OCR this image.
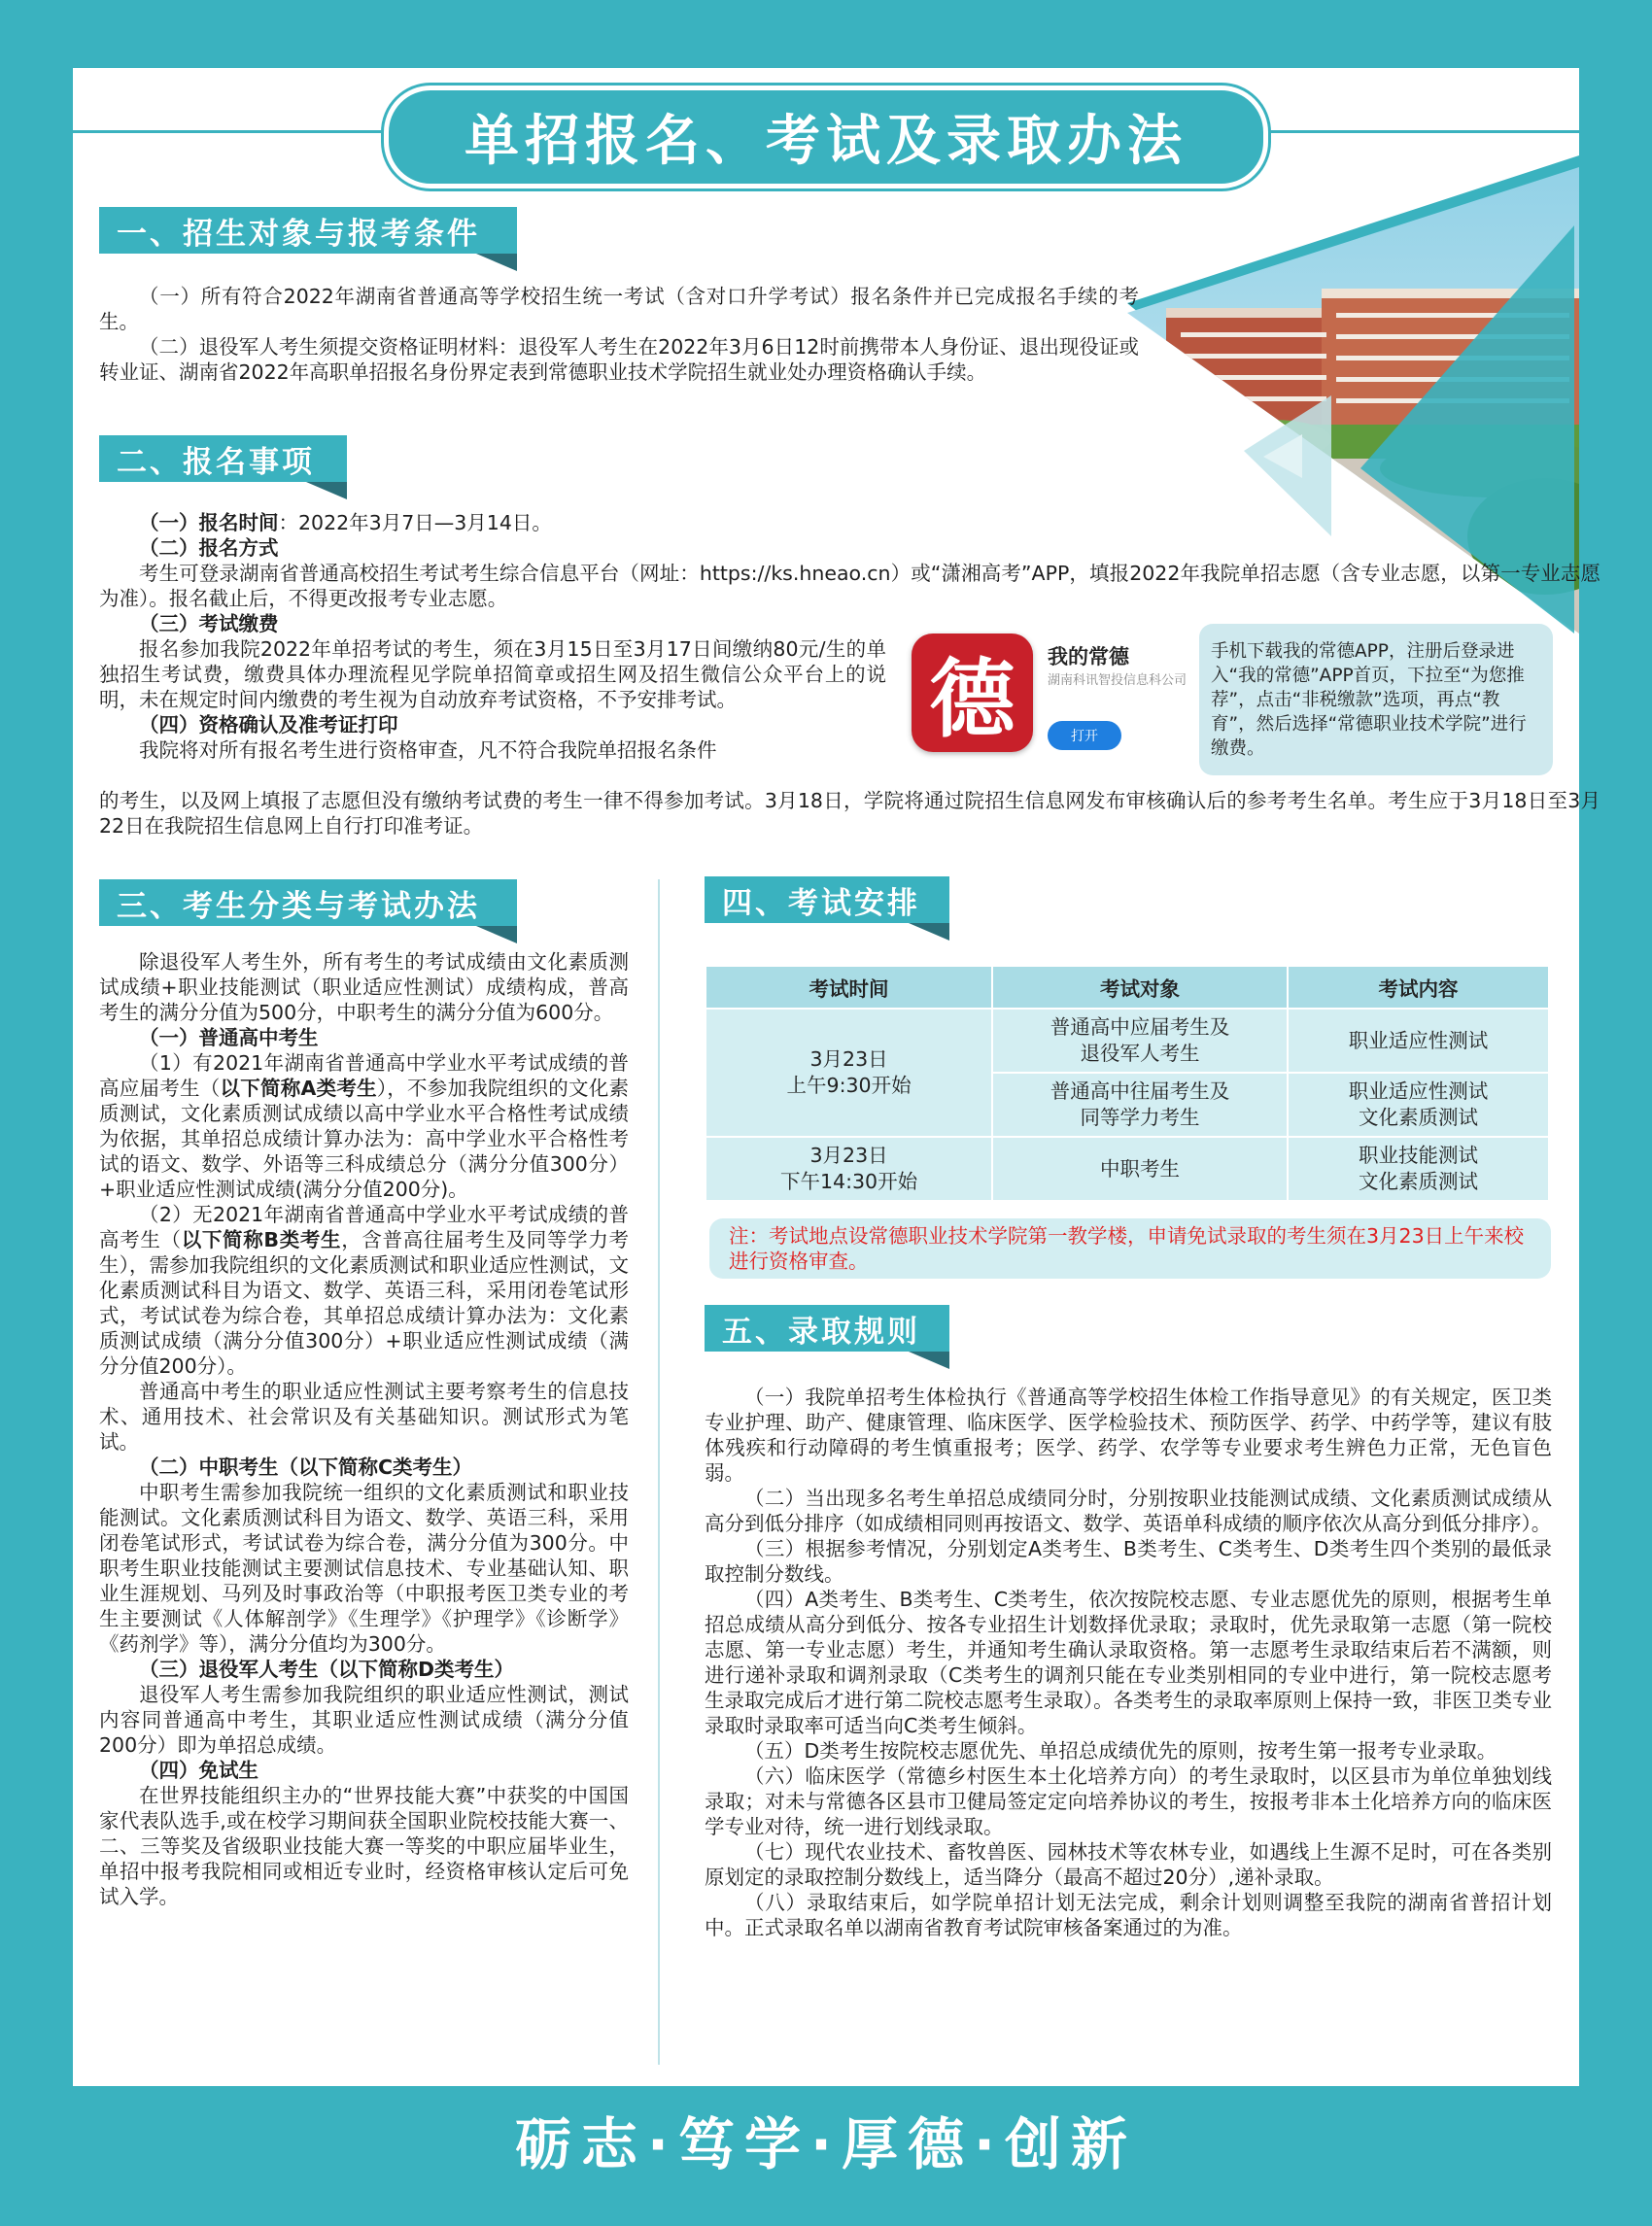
单招报名、考试及录取办法
一、招生对象与报考条件

（一）所有符合2022年湖南省普通高等学校招生统一考试（含对口升学考试）报名条件并已完成报名手续的考生。

（二）退役军人考生须提交资格证明材料：退役军人考生在2022年3月6日12时前携带本人身份证、退出现役证或转业证、湖南省2022年高职单招报名身份界定表到常德职业技术学院招生就业处办理资格确认手续。

二、报名事项

（一）报名时间：2022年3月7日—3月14日。

（二）报名方式

考生可登录湖南省普通高校招生考试考生综合信息平台（网址：https://ks.hneao.cn）或“潇湘高考”APP，填报2022年我院单招志愿（含专业志愿，以第一专业志愿为准）。报名截止后，不得更改报考专业志愿。

（三）考试缴费

报名参加我院2022年单招考试的考生，须在3月15日至3月17日间缴纳80元/生的单独招生考试费，缴费具体办理流程见学院单招简章或招生网及招生微信公众平台上的说明，未在规定时间内缴费的考生视为自动放弃考试资格，不予安排考试。

（四）资格确认及准考证打印

我院将对所有报名考生进行资格审查，凡不符合我院单招报名条件

的考生，以及网上填报了志愿但没有缴纳考试费的考生一律不得参加考试。3月18日，学院将通过院招生信息网发布审核确认后的参考考生名单。考生应于3月18日至3月22日在我院招生信息网上自行打印准考证。

德	我的常德
湖南科讯智投信息科公司
打开
手机下载我的常德APP，注册后登录进入“我的常德”APP首页，下拉至“为您推荐”，点击“非税缴款”选项，再点“教育”，然后选择“常德职业技术学院”进行缴费。
三、考生分类与考试办法

除退役军人考生外，所有考生的考试成绩由文化素质测试成绩+职业技能测试（职业适应性测试）成绩构成，普高考生的满分分值为500分，中职考生的满分分值为600分。

（一）普通高中考生

（1）有2021年湖南省普通高中学业水平考试成绩的普高应届考生（以下简称A类考生），不参加我院组织的文化素质测试，文化素质测试成绩以高中学业水平合格性考试成绩为依据，其单招总成绩计算办法为：高中学业水平合格性考试的语文、数学、外语等三科成绩总分（满分分值300分）+职业适应性测试成绩(满分分值200分)。

（2）无2021年湖南省普通高中学业水平考试成绩的普高考生（以下简称B类考生，含普高往届考生及同等学力考生），需参加我院组织的文化素质测试和职业适应性测试，文化素质测试科目为语文、数学、英语三科，采用闭卷笔试形式，考试试卷为综合卷，其单招总成绩计算办法为：文化素质测试成绩（满分分值300分）+职业适应性测试成绩（满分分值200分）。

普通高中考生的职业适应性测试主要考察考生的信息技术、通用技术、社会常识及有关基础知识。测试形式为笔试。

（二）中职考生（以下简称C类考生）

中职考生需参加我院统一组织的文化素质测试和职业技能测试。文化素质测试科目为语文、数学、英语三科，采用闭卷笔试形式，考试试卷为综合卷，满分分值为300分。中职考生职业技能测试主要测试信息技术、专业基础认知、职业生涯规划、马列及时事政治等（中职报考医卫类专业的考生主要测试《人体解剖学》《生理学》《护理学》《诊断学》《药剂学》等），满分分值均为300分。

（三）退役军人考生（以下简称D类考生）

退役军人考生需参加我院组织的职业适应性测试，测试内容同普通高中考生，其职业适应性测试成绩（满分分值200分）即为单招总成绩。

（四）免试生

在世界技能组织主办的“世界技能大赛”中获奖的中国国家代表队选手,或在校学习期间获全国职业院校技能大赛一、二、三等奖及省级职业技能大赛一等奖的中职应届毕业生，单招中报考我院相同或相近专业时，经资格审核认定后可免试入学。

四、考试安排
考试时间	考试对象	考试内容
3月23日
上午9:30开始	普通高中应届考生及
退役军人考生	职业适应性测试
	普通高中往届考生及
同等学力考生	职业适应性测试
文化素质测试
3月23日
下午14:30开始	中职考生	职业技能测试
文化素质测试
注：考试地点设常德职业技术学院第一教学楼，申请免试录取的考生须在3月23日上午来校进行资格审查。
五、录取规则

（一）我院单招考生体检执行《普通高等学校招生体检工作指导意见》的有关规定，医卫类专业护理、助产、健康管理、临床医学、医学检验技术、预防医学、药学、中药学等，建议有肢体残疾和行动障碍的考生慎重报考；医学、药学、农学等专业要求考生辨色力正常，无色盲色弱。

（二）当出现多名考生单招总成绩同分时，分别按职业技能测试成绩、文化素质测试成绩从高分到低分排序（如成绩相同则再按语文、数学、英语单科成绩的顺序依次从高分到低分排序）。

（三）根据参考情况，分别划定A类考生、B类考生、C类考生、D类考生四个类别的最低录取控制分数线。

（四）A类考生、B类考生、C类考生，依次按院校志愿、专业志愿优先的原则，根据考生单招总成绩从高分到低分、按各专业招生计划数择优录取；录取时，优先录取第一志愿（第一院校志愿、第一专业志愿）考生，并通知考生确认录取资格。第一志愿考生录取结束后若不满额，则进行递补录取和调剂录取（C类考生的调剂只能在专业类别相同的专业中进行，第一院校志愿考生录取完成后才进行第二院校志愿考生录取）。各类考生的录取率原则上保持一致，非医卫类专业录取时录取率可适当向C类考生倾斜。

（五）D类考生按院校志愿优先、单招总成绩优先的原则，按考生第一报考专业录取。

（六）临床医学（常德乡村医生本土化培养方向）的考生录取时，以区县市为单位单独划线录取；对未与常德各区县市卫健局签定定向培养协议的考生，按报考非本土化培养方向的临床医学专业对待，统一进行划线录取。

（七）现代农业技术、畜牧兽医、园林技术等农林专业，如遇线上生源不足时，可在各类别原划定的录取控制分数线上，适当降分（最高不超过20分）,递补录取。

（八）录取结束后，如学院单招计划无法完成，剩余计划则调整至我院的湖南省普招计划中。正式录取名单以湖南省教育考试院审核备案通过的为准。

砺志·笃学·厚德·创新
